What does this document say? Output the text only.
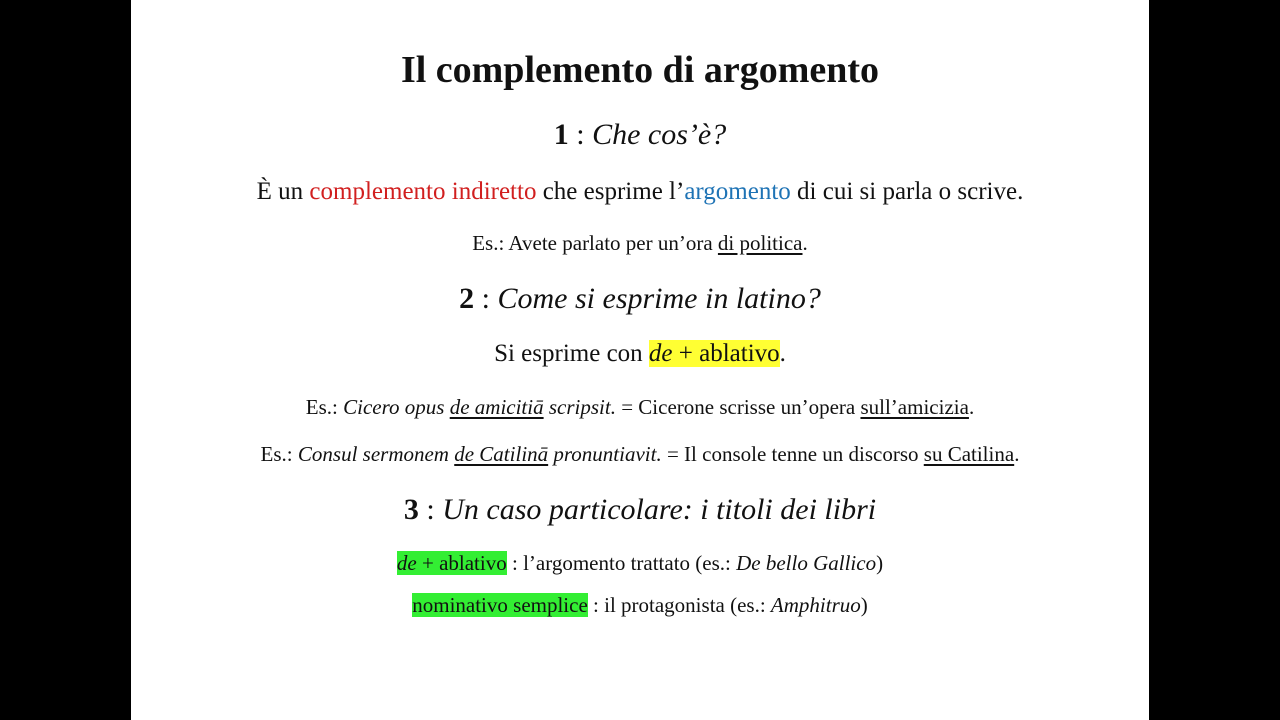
Il complemento di argomento
1 : Che cos’è?
È un complemento indiretto che esprime l’argomento di cui si parla o scrive.
Es.: Avete parlato per un’ora di politica.
2 : Come si esprime in latino?
Si esprime con de + ablativo.
Es.: Cicero opus de amicitiā scripsit. = Cicerone scrisse un’opera sull’amicizia.
Es.: Consul sermonem de Catilinā pronuntiavit. = Il console tenne un discorso su Catilina.
3 : Un caso particolare: i titoli dei libri
de + ablativo : l’argomento trattato (es.: De bello Gallico)
nominativo semplice : il protagonista (es.: Amphitruo)
